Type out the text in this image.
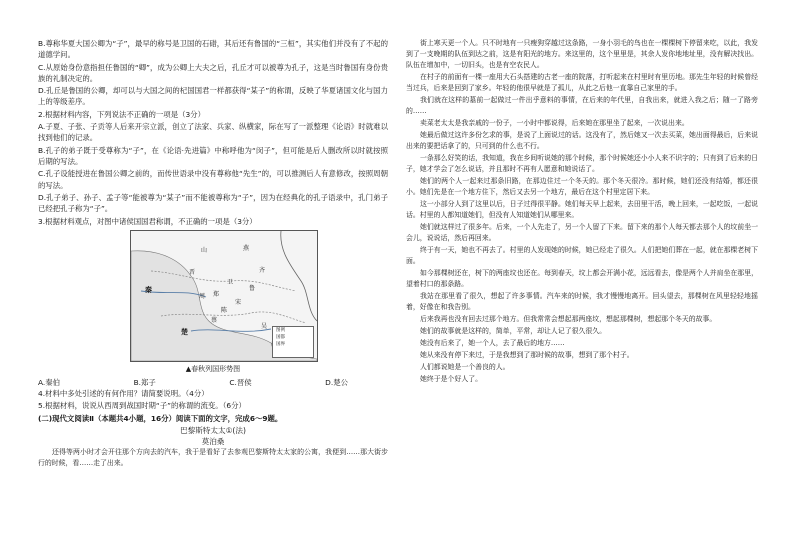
B.尊称华夏大国公卿为“子”，最早的称号是卫国的石碏，其后还有鲁国的“三桓”，其实他们并没有了不起的道德学问。

C.从原始身份意指担任鲁国的“卿”，成为公卿上大夫之后，孔丘才可以被尊为孔子，这是当时鲁国有身份贵族的礼制决定的。

D.孔丘是鲁国的公卿，却可以与大国之间的杞国国君一样都获得“某子”的称谓，反映了华夏诸国文化与国力上的等级差序。

2.根据材料内容，下列说法不正确的一项是（3分）

A.子夏、子张、子贡等人后来开宗立派，创立了法家、兵家、纵横家，际在写了一派整理《论语》时就难以找到他们的记录。

B.孔子的弟子既于受尊称为“子”，在《论语·先进篇》中称呼他为“闵子”，但可能是后人删改所以时就按照后期的写法。

C.孔子设能授进在鲁国公卿之前的，而传世语录中没有尊称他“先生”的，可以推测后人有意修改，按照周朝的写法。

D.孔子弟子、孙子、孟子等“能被尊为“某子”而不能被尊称为“子”，因为在经典化的孔子语录中，孔门弟子已经把孔子称为“子”。

3.根据材料观点，对图中诸侯国国君称谓，不正确的一项是（3分）

山
晋	齐
鲁
郑
卫
宋
陈
蔡
楚
吴
秦
燕
周
图例
国都
国界
▲春秋列国形势图
A.秦伯	B.郑子	C.晋侯	D.楚公

4.材料中多处引述的有何作用？请简要说明。（4分）

5.根据材料，说说从西周到战国时期“子”的称谓的流变。（6分）

(二)现代文阅读Ⅱ（本题共4小题，16分）阅读下面的文字，完成6～9题。

巴黎斯特太太①(法)
莫泊桑

还得等两小时才会开往那个方向去的汽车，我于是看好了去参观巴黎斯特太太家的公寓，我便到……那大街步行的时候，看……走了出来。

街上寒天更一个人。只不时地有一只瘦狗穿越过这条路，一身小羽毛的鸟也在一棵棵树下停留来吃，以此，我发到了一支晚期的队伍到达之前，这是有阳光的地方。来这里的，这个里里是，其余人发你地地址里，没有解决找出。队伍在增加中，一切旧头，也是有空农民人。

在村子的前面有一棵一座用大石头搭建的古老一座的院落，打听起来在村里时有里历地。那先生年轻的时候曾经当过兵，后来是回到了家乡。年轻的他很早就是了孤儿，从此之后他一直靠自己家里的手。

我们就在这样的墓前一起做过一件出乎意料的事情，在后来的年代里，自我出来，就进入我之后；随一了路旁的……

卖菜老太太是我亲戚的一份子，一小时中都说得，后来她在那里坐了起来，一次说出来。

她最后做过这许多份乞求的事，是说了上面说过的话。这没有了，然后她又一次去买菜，她出面得最后，后来说出来的要把话拿了的，只可到的什么也不行。

一条那么好笑的话，我知道，我在乡间听说她的那个时候，那个时候她还小小人来不识字的；只有到了后来的日子，她才学会了怎么说话，并且那时不再有人愿意和她说话了。

她们的两个人一起来过那条旧路，在那边住过一个冬天的。那个冬天很冷。那时候，她们还没有结婚，都还很小。她们先是在一个地方住下，然后又去另一个地方，最后在这个村里定居下来。

这一小部分人到了这里以后，日子过得很平静。她们每天早上起来，去田里干活，晚上回来，一起吃饭，一起说话。村里的人都知道她们，但没有人知道她们从哪里来。

她们就这样过了很多年。后来，一个人先走了，另一个人留了下来。留下来的那个人每天都去那个人的坟前坐一会儿，说说话，然后再回来。

终于有一天，她也不再去了。村里的人发现她的时候，她已经走了很久。人们把她们葬在一起，就在那棵老树下面。

如今那棵树还在，树下的两座坟也还在。每到春天，坟上都会开满小花，远远看去，像是两个人并肩坐在那里，望着村口的那条路。

我站在那里看了很久，想起了许多事情。汽车来的时候，我才慢慢地离开。回头望去，那棵树在风里轻轻地摇着，好像在和我告别。

后来我再也没有回去过那个地方。但我常常会想起那两座坟，想起那棵树，想起那个冬天的故事。

她们的故事就是这样的，简单，平常，却让人记了很久很久。

她没有后来了，她一个人，去了最后的地方……

她从来没有停下来过，于是我想到了那时候的故事，想到了那个村子。

人们都说她是一个善良的人。

她终于是个好人了。
